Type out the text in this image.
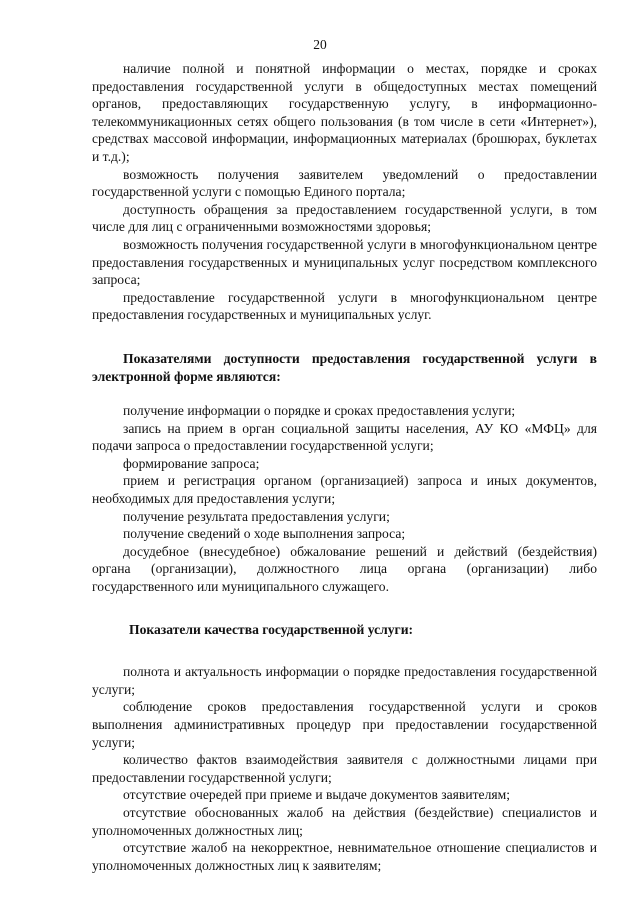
20

наличие полной и понятной информации о местах, порядке и сроках предоставления государственной услуги в общедоступных местах помещений органов, предоставляющих государственную услугу, в информационно-телекоммуникационных сетях общего пользования (в том числе в сети «Интернет»), средствах массовой информации, информационных материалах (брошюрах, буклетах и т.д.);

возможность получения заявителем уведомлений о предоставлении государственной услуги с помощью Единого портала;

доступность обращения за предоставлением государственной услуги, в том числе для лиц с ограниченными возможностями здоровья;

возможность получения государственной услуги в многофункциональном центре предоставления государственных и муниципальных услуг посредством комплексного запроса;

предоставление государственной услуги в многофункциональном центре предоставления государственных и муниципальных услуг.

Показателями доступности предоставления государственной услуги в электронной форме являются:

получение информации о порядке и сроках предоставления услуги;

запись на прием в орган социальной защиты населения, АУ КО «МФЦ» для подачи запроса о предоставлении государственной услуги;

формирование запроса;

прием и регистрация органом (организацией) запроса и иных документов, необходимых для предоставления услуги;

получение результата предоставления услуги;

получение сведений о ходе выполнения запроса;

досудебное (внесудебное) обжалование решений и действий (бездействия) органа (организации), должностного лица органа (организации) либо государственного или муниципального служащего.

Показатели качества государственной услуги:

полнота и актуальность информации о порядке предоставления государственной услуги;

соблюдение сроков предоставления государственной услуги и сроков выполнения административных процедур при предоставлении государственной услуги;

количество фактов взаимодействия заявителя с должностными лицами при предоставлении государственной услуги;

отсутствие очередей при приеме и выдаче документов заявителям;

отсутствие обоснованных жалоб на действия (бездействие) специалистов и уполномоченных должностных лиц;

отсутствие жалоб на некорректное, невнимательное отношение специалистов и уполномоченных должностных лиц к заявителям;
